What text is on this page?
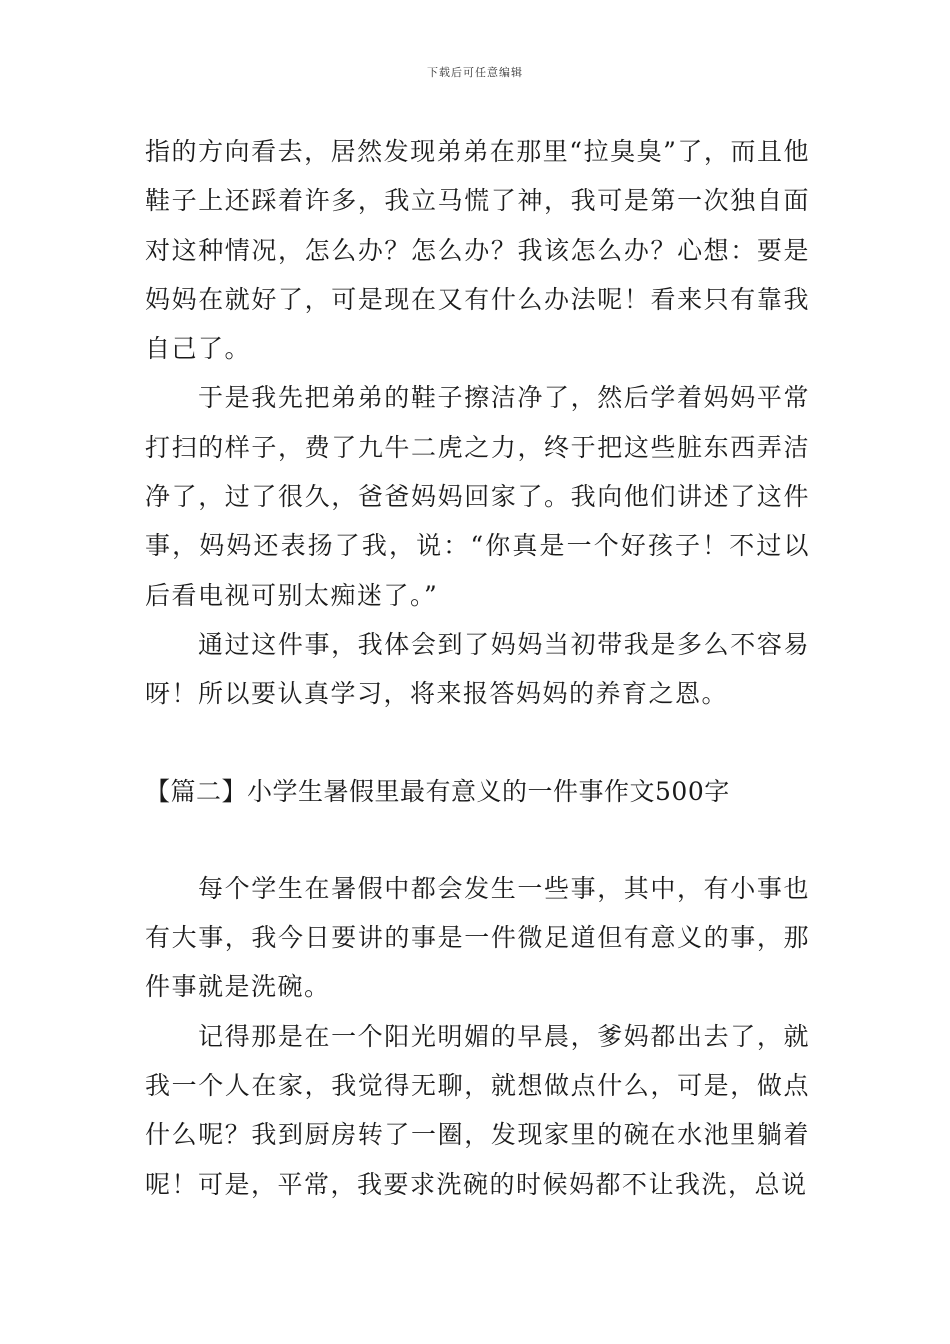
下载后可任意编辑

指的方向看去，居然发现弟弟在那里“拉臭臭”了，而且他鞋子上还踩着许多，我立马慌了神，我可是第一次独自面对这种情况，怎么办？怎么办？我该怎么办？心想：要是妈妈在就好了，可是现在又有什么办法呢！看来只有靠我自己了。

于是我先把弟弟的鞋子擦洁净了，然后学着妈妈平常打扫的样子，费了九牛二虎之力，终于把这些脏东西弄洁净了，过了很久，爸爸妈妈回家了。我向他们讲述了这件事，妈妈还表扬了我，说：“你真是一个好孩子！不过以后看电视可别太痴迷了。”

通过这件事，我体会到了妈妈当初带我是多么不容易呀！所以要认真学习，将来报答妈妈的养育之恩。

【篇二】小学生暑假里最有意义的一件事作文500字

每个学生在暑假中都会发生一些事，其中，有小事也有大事，我今日要讲的事是一件微足道但有意义的事，那件事就是洗碗。

记得那是在一个阳光明媚的早晨，爹妈都出去了，就我一个人在家，我觉得无聊，就想做点什么，可是，做点什么呢？我到厨房转了一圈，发现家里的碗在水池里躺着呢！可是，平常，我要求洗碗的时候妈都不让我洗，总说
